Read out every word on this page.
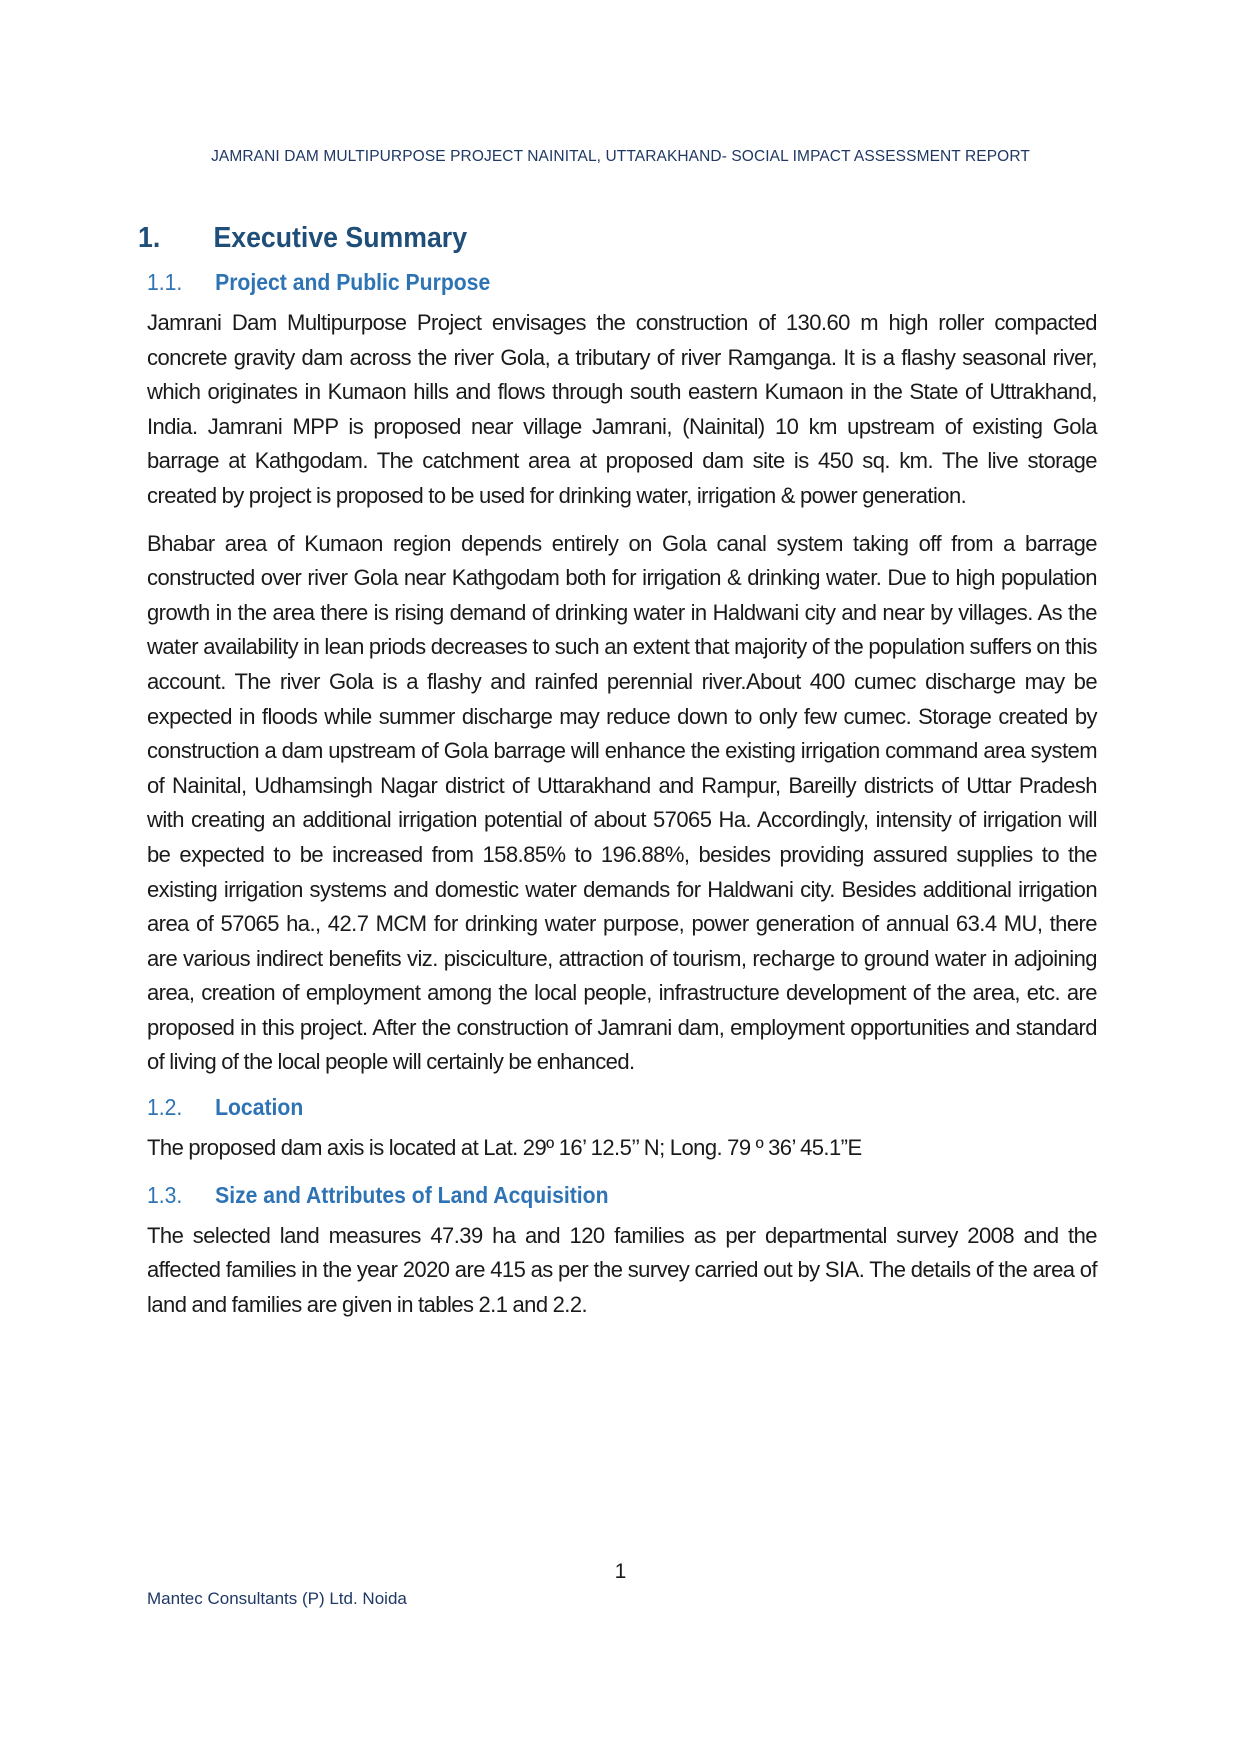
JAMRANI DAM MULTIPURPOSE PROJECT NAINITAL, UTTARAKHAND- SOCIAL IMPACT ASSESSMENT REPORT
1.	Executive Summary
1.1.	Project and Public Purpose

Jamrani Dam Multipurpose Project envisages the construction of 130.60 m high roller compacted concrete gravity dam across the river Gola, a tributary of river Ramganga. It is a flashy seasonal river, which originates in Kumaon hills and flows through south eastern Kumaon in the State of Uttrakhand, India. Jamrani MPP is proposed near village Jamrani, (Nainital) 10 km upstream of existing Gola barrage at Kathgodam. The catchment area at proposed dam site is 450 sq. km. The live storage created by project is proposed to be used for drinking water, irrigation & power generation.

Bhabar area of Kumaon region depends entirely on Gola canal system taking off from a barrage constructed over river Gola near Kathgodam both for irrigation & drinking water. Due to high population growth in the area there is rising demand of drinking water in Haldwani city and near by villages. As the water availability in lean priods decreases to such an extent that majority of the population suffers on this account. The river Gola is a flashy and rainfed perennial river.About 400 cumec discharge may be expected in floods while summer discharge may reduce down to only few cumec. Storage created by construction a dam upstream of Gola barrage will enhance the existing irrigation command area system of Nainital, Udhamsingh Nagar district of Uttarakhand and Rampur, Bareilly districts of Uttar Pradesh with creating an additional irrigation potential of about 57065 Ha. Accordingly, intensity of irrigation will be expected to be increased from 158.85% to 196.88%, besides providing assured supplies to the existing irrigation systems and domestic water demands for Haldwani city. Besides additional irrigation area of 57065 ha., 42.7 MCM for drinking water purpose, power generation of annual 63.4 MU, there are various indirect benefits viz. pisciculture, attraction of tourism, recharge to ground water in adjoining area, creation of employment among the local people, infrastructure development of the area, etc. are proposed in this project. After the construction of Jamrani dam, employment opportunities and standard of living of the local people will certainly be enhanced.

1.2.	Location

The proposed dam axis is located at Lat. 29º 16’ 12.5’’ N; Long. 79 º 36’ 45.1”E

1.3.	Size and Attributes of Land Acquisition

The selected land measures 47.39 ha and 120 families as per departmental survey 2008 and the affected families in the year 2020 are 415 as per the survey carried out by SIA. The details of the area of land and families are given in tables 2.1 and 2.2.

1
Mantec Consultants (P) Ltd. Noida
